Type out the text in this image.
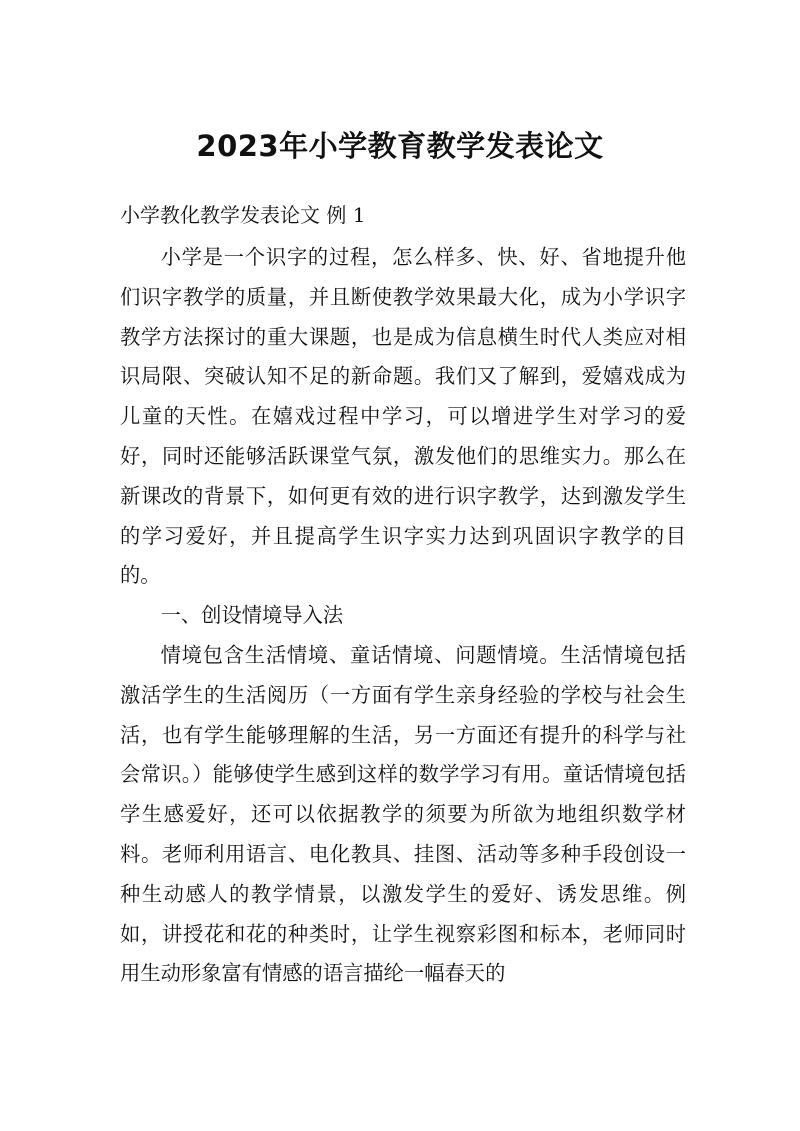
2023年小学教育教学发表论文
小学教化教学发表论文 例 1

小学是一个识字的过程，怎么样多、快、好、省地提升他们识字教学的质量，并且断使教学效果最大化，成为小学识字教学方法探讨的重大课题，也是成为信息横生时代人类应对相识局限、突破认知不足的新命题。我们又了解到，爱嬉戏成为儿童的天性。在嬉戏过程中学习，可以增进学生对学习的爱好，同时还能够活跃课堂气氛，激发他们的思维实力。那么在新课改的背景下，如何更有效的进行识字教学，达到激发学生的学习爱好，并且提高学生识字实力达到巩固识字教学的目的。

一、创设情境导入法

情境包含生活情境、童话情境、问题情境。生活情境包括激活学生的生活阅历（一方面有学生亲身经验的学校与社会生活，也有学生能够理解的生活，另一方面还有提升的科学与社会常识。）能够使学生感到这样的数学学习有用。童话情境包括学生感爱好，还可以依据教学的须要为所欲为地组织数学材料。老师利用语言、电化教具、挂图、活动等多种手段创设一种生动感人的教学情景，以激发学生的爱好、诱发思维。例如，讲授花和花的种类时，让学生视察彩图和标本，老师同时用生动形象富有情感的语言描纶一幅春天的
